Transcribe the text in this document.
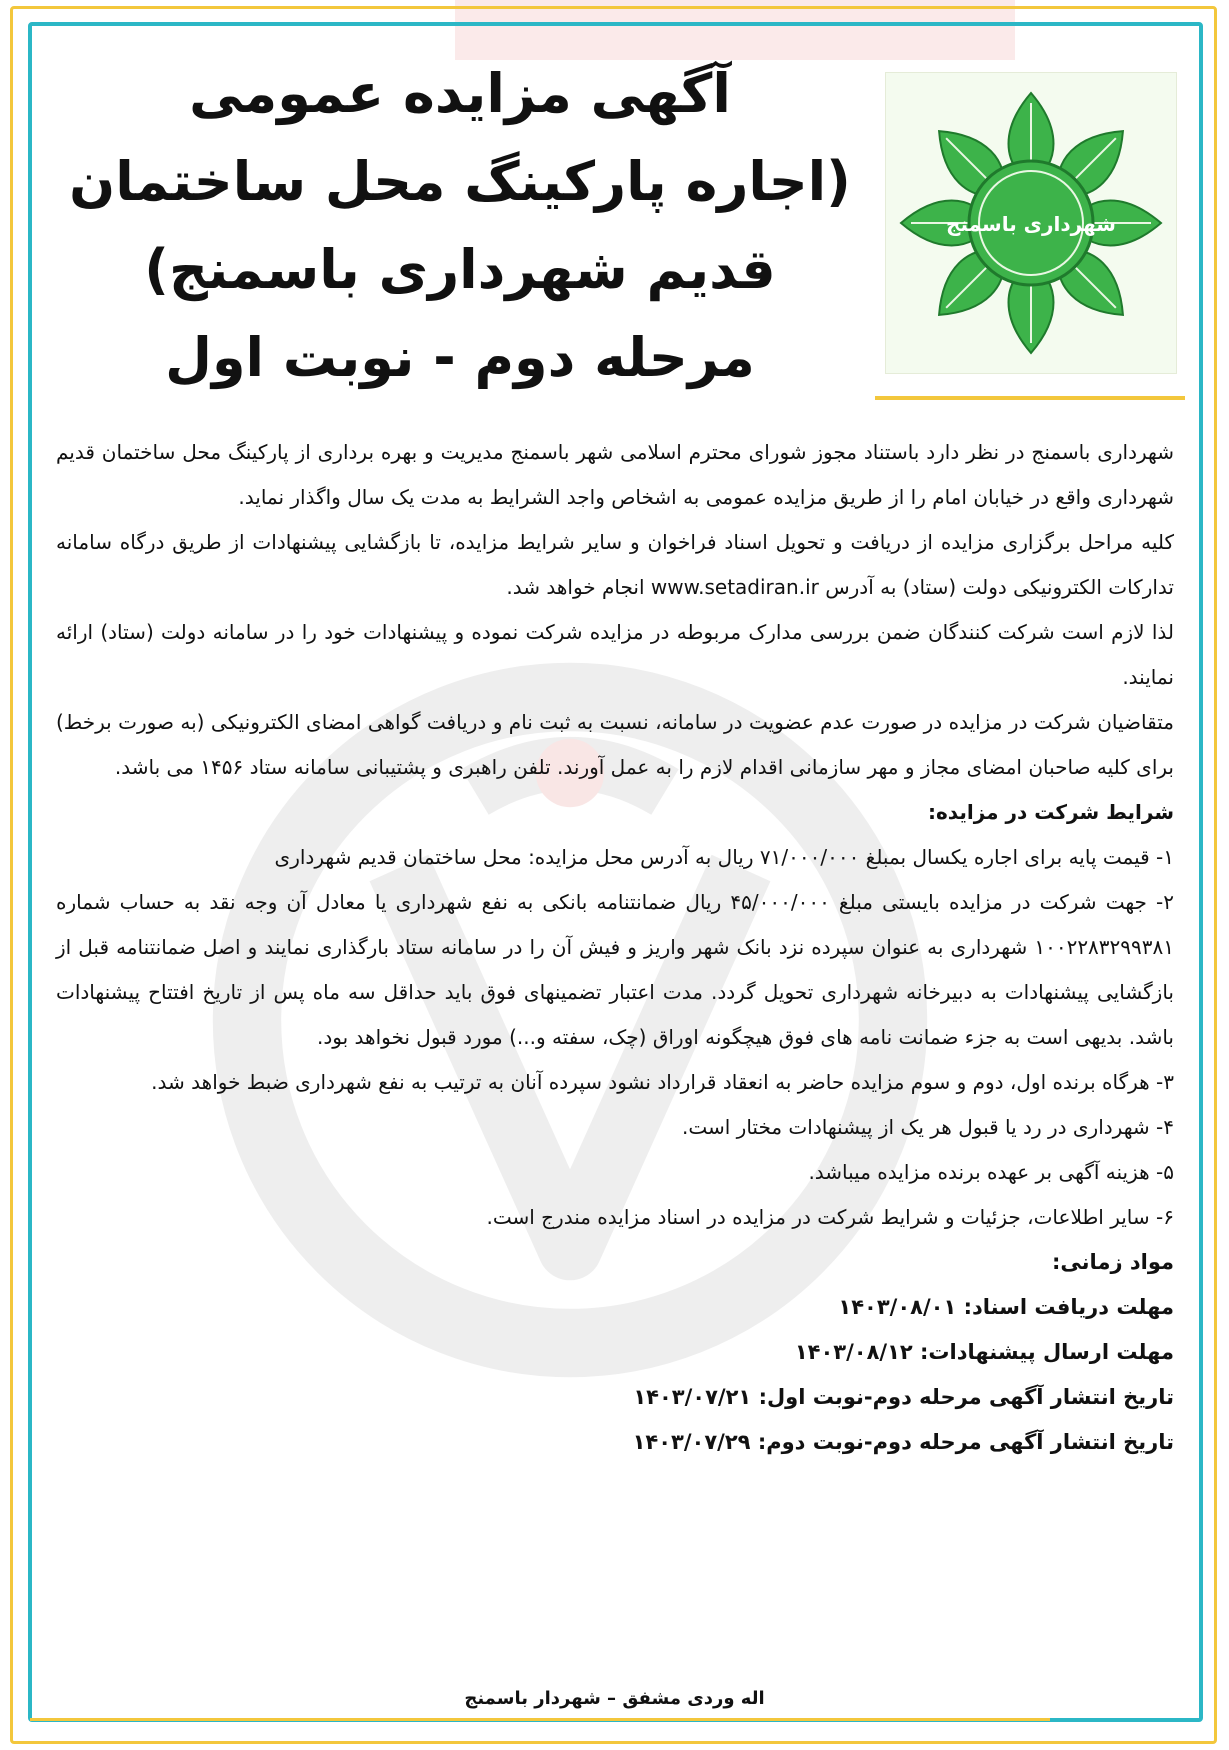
شهرداری باسمنج
آگهی مزایده عمومی
(اجاره پارکینگ محل ساختمان
قدیم شهرداری باسمنج)
مرحله دوم - نوبت اول

شهرداری باسمنج در نظر دارد باستناد مجوز شورای محترم اسلامی شهر باسمنج مدیریت و بهره برداری از پارکینگ محل ساختمان قدیم شهرداری واقع در خیابان امام را از طریق مزایده عمومی به اشخاص واجد الشرایط به مدت یک سال واگذار نماید.

کلیه مراحل برگزاری مزایده از دریافت و تحویل اسناد فراخوان و سایر شرایط مزایده، تا بازگشایی پیشنهادات از طریق درگاه سامانه تدارکات الکترونیکی دولت (ستاد) به آدرس www.setadiran.ir انجام خواهد شد.

لذا لازم است شرکت کنندگان ضمن بررسی مدارک مربوطه در مزایده شرکت نموده و پیشنهادات خود را در سامانه دولت (ستاد) ارائه نمایند.

متقاضیان شرکت در مزایده در صورت عدم عضویت در سامانه، نسبت به ثبت نام و دریافت گواهی امضای الکترونیکی (به صورت برخط) برای کلیه صاحبان امضای مجاز و مهر سازمانی اقدام لازم را به عمل آورند. تلفن راهبری و پشتیبانی سامانه ستاد ۱۴۵۶ می باشد.

شرایط شرکت در مزایده:

۱- قیمت پایه برای اجاره یکسال بمبلغ ۷۱/۰۰۰/۰۰۰ ریال به آدرس محل مزایده: محل ساختمان قدیم شهرداری

۲- جهت شرکت در مزایده بایستی مبلغ ۴۵/۰۰۰/۰۰۰ ریال ضمانتنامه بانکی به نفع شهرداری یا معادل آن وجه نقد به حساب شماره ۱۰۰۲۲۸۳۲۹۹۳۸۱ شهرداری به عنوان سپرده نزد بانک شهر واریز و فیش آن را در سامانه ستاد بارگذاری نمایند و اصل ضمانتنامه قبل از بازگشایی پیشنهادات به دبیرخانه شهرداری تحویل گردد. مدت اعتبار تضمینهای فوق باید حداقل سه ماه پس از تاریخ افتتاح پیشنهادات باشد. بدیهی است به جزء ضمانت نامه های فوق هیچگونه اوراق (چک، سفته و...) مورد قبول نخواهد بود.

۳- هرگاه برنده اول، دوم و سوم مزایده حاضر به انعقاد قرارداد نشود سپرده آنان به ترتیب به نفع شهرداری ضبط خواهد شد.

۴- شهرداری در رد یا قبول هر یک از پیشنهادات مختار است.

۵- هزینه آگهی بر عهده برنده مزایده میباشد.

۶- سایر اطلاعات، جزئیات و شرایط شرکت در مزایده در اسناد مزایده مندرج است.

مواد زمانی:
مهلت دریافت اسناد: ۱۴۰۳/۰۸/۰۱
مهلت ارسال پیشنهادات: ۱۴۰۳/۰۸/۱۲
تاریخ انتشار آگهی مرحله دوم-نوبت اول: ۱۴۰۳/۰۷/۲۱
تاریخ انتشار آگهی مرحله دوم-نوبت دوم: ۱۴۰۳/۰۷/۲۹
اله وردی مشفق – شهردار باسمنج
